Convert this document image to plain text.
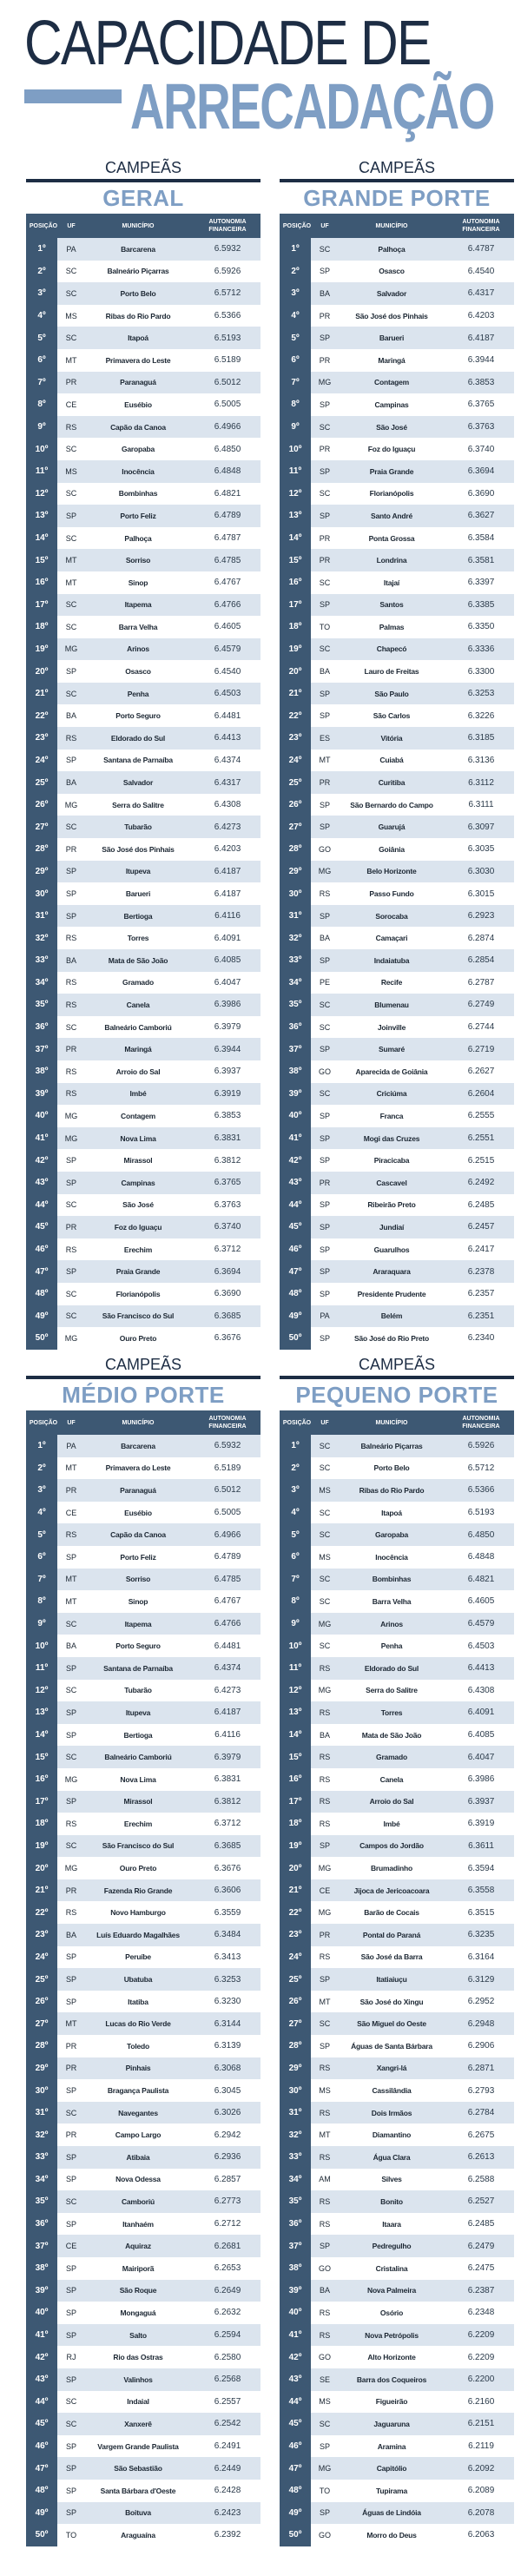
CAPACIDADE DE
ARRECADAÇÃO
CAMPEÃS
GERAL
POSIÇÃO	UF	MUNICÍPIO
AUTONOMIA FINANCEIRA
1º	PA	Barcarena	6.5932
2º	SC	Balneário Piçarras	6.5926
3º	SC	Porto Belo	6.5712
4º	MS	Ribas do Rio Pardo	6.5366
5º	SC	Itapoá	6.5193
6º	MT	Primavera do Leste	6.5189
7º	PR	Paranaguá	6.5012
8º	CE	Eusébio	6.5005
9º	RS	Capão da Canoa	6.4966
10º	SC	Garopaba	6.4850
11º	MS	Inocência	6.4848
12º	SC	Bombinhas	6.4821
13º	SP	Porto Feliz	6.4789
14º	SC	Palhoça	6.4787
15º	MT	Sorriso	6.4785
16º	MT	Sinop	6.4767
17º	SC	Itapema	6.4766
18º	SC	Barra Velha	6.4605
19º	MG	Arinos	6.4579
20º	SP	Osasco	6.4540
21º	SC	Penha	6.4503
22º	BA	Porto Seguro	6.4481
23º	RS	Eldorado do Sul	6.4413
24º	SP	Santana de Parnaíba	6.4374
25º	BA	Salvador	6.4317
26º	MG	Serra do Salitre	6.4308
27º	SC	Tubarão	6.4273
28º	PR	São José dos Pinhais	6.4203
29º	SP	Itupeva	6.4187
30º	SP	Barueri	6.4187
31º	SP	Bertioga	6.4116
32º	RS	Torres	6.4091
33º	BA	Mata de São João	6.4085
34º	RS	Gramado	6.4047
35º	RS	Canela	6.3986
36º	SC	Balneário Camboriú	6.3979
37º	PR	Maringá	6.3944
38º	RS	Arroio do Sal	6.3937
39º	RS	Imbé	6.3919
40º	MG	Contagem	6.3853
41º	MG	Nova Lima	6.3831
42º	SP	Mirassol	6.3812
43º	SP	Campinas	6.3765
44º	SC	São José	6.3763
45º	PR	Foz do Iguaçu	6.3740
46º	RS	Erechim	6.3712
47º	SP	Praia Grande	6.3694
48º	SC	Florianópolis	6.3690
49º	SC	São Francisco do Sul	6.3685
50º	MG	Ouro Preto	6.3676
CAMPEÃS
GRANDE PORTE
POSIÇÃO	UF	MUNICÍPIO
AUTONOMIA FINANCEIRA
1º	SC	Palhoça	6.4787
2º	SP	Osasco	6.4540
3º	BA	Salvador	6.4317
4º	PR	São José dos Pinhais	6.4203
5º	SP	Barueri	6.4187
6º	PR	Maringá	6.3944
7º	MG	Contagem	6.3853
8º	SP	Campinas	6.3765
9º	SC	São José	6.3763
10º	PR	Foz do Iguaçu	6.3740
11º	SP	Praia Grande	6.3694
12º	SC	Florianópolis	6.3690
13º	SP	Santo André	6.3627
14º	PR	Ponta Grossa	6.3584
15º	PR	Londrina	6.3581
16º	SC	Itajaí	6.3397
17º	SP	Santos	6.3385
18º	TO	Palmas	6.3350
19º	SC	Chapecó	6.3336
20º	BA	Lauro de Freitas	6.3300
21º	SP	São Paulo	6.3253
22º	SP	São Carlos	6.3226
23º	ES	Vitória	6.3185
24º	MT	Cuiabá	6.3136
25º	PR	Curitiba	6.3112
26º	SP	São Bernardo do Campo	6.3111
27º	SP	Guarujá	6.3097
28º	GO	Goiânia	6.3035
29º	MG	Belo Horizonte	6.3030
30º	RS	Passo Fundo	6.3015
31º	SP	Sorocaba	6.2923
32º	BA	Camaçari	6.2874
33º	SP	Indaiatuba	6.2854
34º	PE	Recife	6.2787
35º	SC	Blumenau	6.2749
36º	SC	Joinville	6.2744
37º	SP	Sumaré	6.2719
38º	GO	Aparecida de Goiânia	6.2627
39º	SC	Criciúma	6.2604
40º	SP	Franca	6.2555
41º	SP	Mogi das Cruzes	6.2551
42º	SP	Piracicaba	6.2515
43º	PR	Cascavel	6.2492
44º	SP	Ribeirão Preto	6.2485
45º	SP	Jundiaí	6.2457
46º	SP	Guarulhos	6.2417
47º	SP	Araraquara	6.2378
48º	SP	Presidente Prudente	6.2357
49º	PA	Belém	6.2351
50º	SP	São José do Rio Preto	6.2340
CAMPEÃS
MÉDIO PORTE
POSIÇÃO	UF	MUNICÍPIO
AUTONOMIA FINANCEIRA
1º	PA	Barcarena	6.5932
2º	MT	Primavera do Leste	6.5189
3º	PR	Paranaguá	6.5012
4º	CE	Eusébio	6.5005
5º	RS	Capão da Canoa	6.4966
6º	SP	Porto Feliz	6.4789
7º	MT	Sorriso	6.4785
8º	MT	Sinop	6.4767
9º	SC	Itapema	6.4766
10º	BA	Porto Seguro	6.4481
11º	SP	Santana de Parnaíba	6.4374
12º	SC	Tubarão	6.4273
13º	SP	Itupeva	6.4187
14º	SP	Bertioga	6.4116
15º	SC	Balneário Camboriú	6.3979
16º	MG	Nova Lima	6.3831
17º	SP	Mirassol	6.3812
18º	RS	Erechim	6.3712
19º	SC	São Francisco do Sul	6.3685
20º	MG	Ouro Preto	6.3676
21º	PR	Fazenda Rio Grande	6.3606
22º	RS	Novo Hamburgo	6.3559
23º	BA	Luís Eduardo Magalhães	6.3484
24º	SP	Peruíbe	6.3413
25º	SP	Ubatuba	6.3253
26º	SP	Itatiba	6.3230
27º	MT	Lucas do Rio Verde	6.3144
28º	PR	Toledo	6.3139
29º	PR	Pinhais	6.3068
30º	SP	Bragança Paulista	6.3045
31º	SC	Navegantes	6.3026
32º	PR	Campo Largo	6.2942
33º	SP	Atibaia	6.2936
34º	SP	Nova Odessa	6.2857
35º	SC	Camboriú	6.2773
36º	SP	Itanhaém	6.2712
37º	CE	Aquiraz	6.2681
38º	SP	Mairiporã	6.2653
39º	SP	São Roque	6.2649
40º	SP	Mongaguá	6.2632
41º	SP	Salto	6.2594
42º	RJ	Rio das Ostras	6.2580
43º	SP	Valinhos	6.2568
44º	SC	Indaial	6.2557
45º	SC	Xanxerê	6.2542
46º	SP	Vargem Grande Paulista	6.2491
47º	SP	São Sebastião	6.2449
48º	SP	Santa Bárbara d'Oeste	6.2428
49º	SP	Boituva	6.2423
50º	TO	Araguaína	6.2392
CAMPEÃS
PEQUENO PORTE
POSIÇÃO	UF	MUNICÍPIO
AUTONOMIA FINANCEIRA
1º	SC	Balneário Piçarras	6.5926
2º	SC	Porto Belo	6.5712
3º	MS	Ribas do Rio Pardo	6.5366
4º	SC	Itapoá	6.5193
5º	SC	Garopaba	6.4850
6º	MS	Inocência	6.4848
7º	SC	Bombinhas	6.4821
8º	SC	Barra Velha	6.4605
9º	MG	Arinos	6.4579
10º	SC	Penha	6.4503
11º	RS	Eldorado do Sul	6.4413
12º	MG	Serra do Salitre	6.4308
13º	RS	Torres	6.4091
14º	BA	Mata de São João	6.4085
15º	RS	Gramado	6.4047
16º	RS	Canela	6.3986
17º	RS	Arroio do Sal	6.3937
18º	RS	Imbé	6.3919
19º	SP	Campos do Jordão	6.3611
20º	MG	Brumadinho	6.3594
21º	CE	Jijoca de Jericoacoara	6.3558
22º	MG	Barão de Cocais	6.3515
23º	PR	Pontal do Paraná	6.3235
24º	RS	São José da Barra	6.3164
25º	SP	Itatiaiuçu	6.3129
26º	MT	São José do Xingu	6.2952
27º	SC	São Miguel do Oeste	6.2948
28º	SP	Águas de Santa Bárbara	6.2906
29º	RS	Xangri-lá	6.2871
30º	MS	Cassilândia	6.2793
31º	RS	Dois Irmãos	6.2784
32º	MT	Diamantino	6.2675
33º	RS	Água Clara	6.2613
34º	AM	Silves	6.2588
35º	RS	Bonito	6.2527
36º	RS	Itaara	6.2485
37º	SP	Pedregulho	6.2479
38º	GO	Cristalina	6.2475
39º	BA	Nova Palmeira	6.2387
40º	RS	Osório	6.2348
41º	RS	Nova Petrópolis	6.2209
42º	GO	Alto Horizonte	6.2209
43º	SE	Barra dos Coqueiros	6.2200
44º	MS	Figueirão	6.2160
45º	SC	Jaguaruna	6.2151
46º	SP	Aramina	6.2119
47º	MG	Capitólio	6.2092
48º	TO	Tupirama	6.2089
49º	SP	Águas de Lindóia	6.2078
50º	GO	Morro do Deus	6.2063
